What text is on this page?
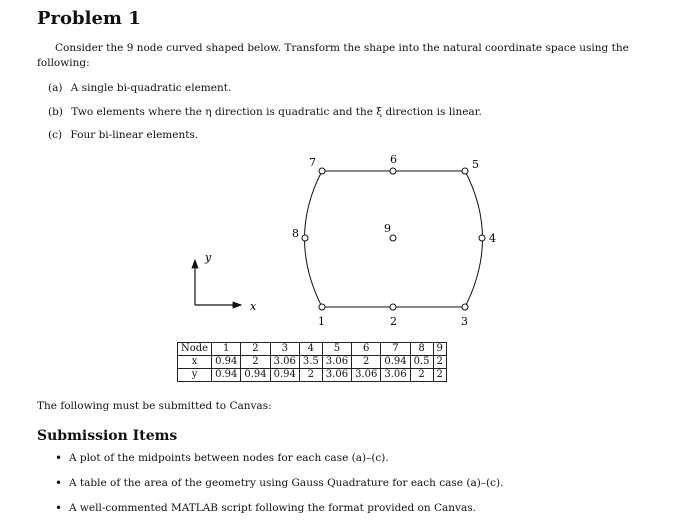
Problem 1
Consider the 9 node curved shaped below. Transform the shape into the natural coordinate space using the following:
(a) A single bi-quadratic element.
(b) Two elements where the η direction is quadratic and the ξ direction is linear.
(c) Four bi-linear elements.
y
x
1	2	3
4
5
6
7
8	9
Node	1	2	3	4	5	6	7	8	9
x	0.94	2	3.06	3.5	3.06	2	0.94	0.5	2
y	0.94	0.94	0.94	2	3.06	3.06	3.06	2	2
The following must be submitted to Canvas:
Submission Items
• A plot of the midpoints between nodes for each case (a)–(c).
• A table of the area of the geometry using Gauss Quadrature for each case (a)–(c).
• A well-commented MATLAB script following the format provided on Canvas.
